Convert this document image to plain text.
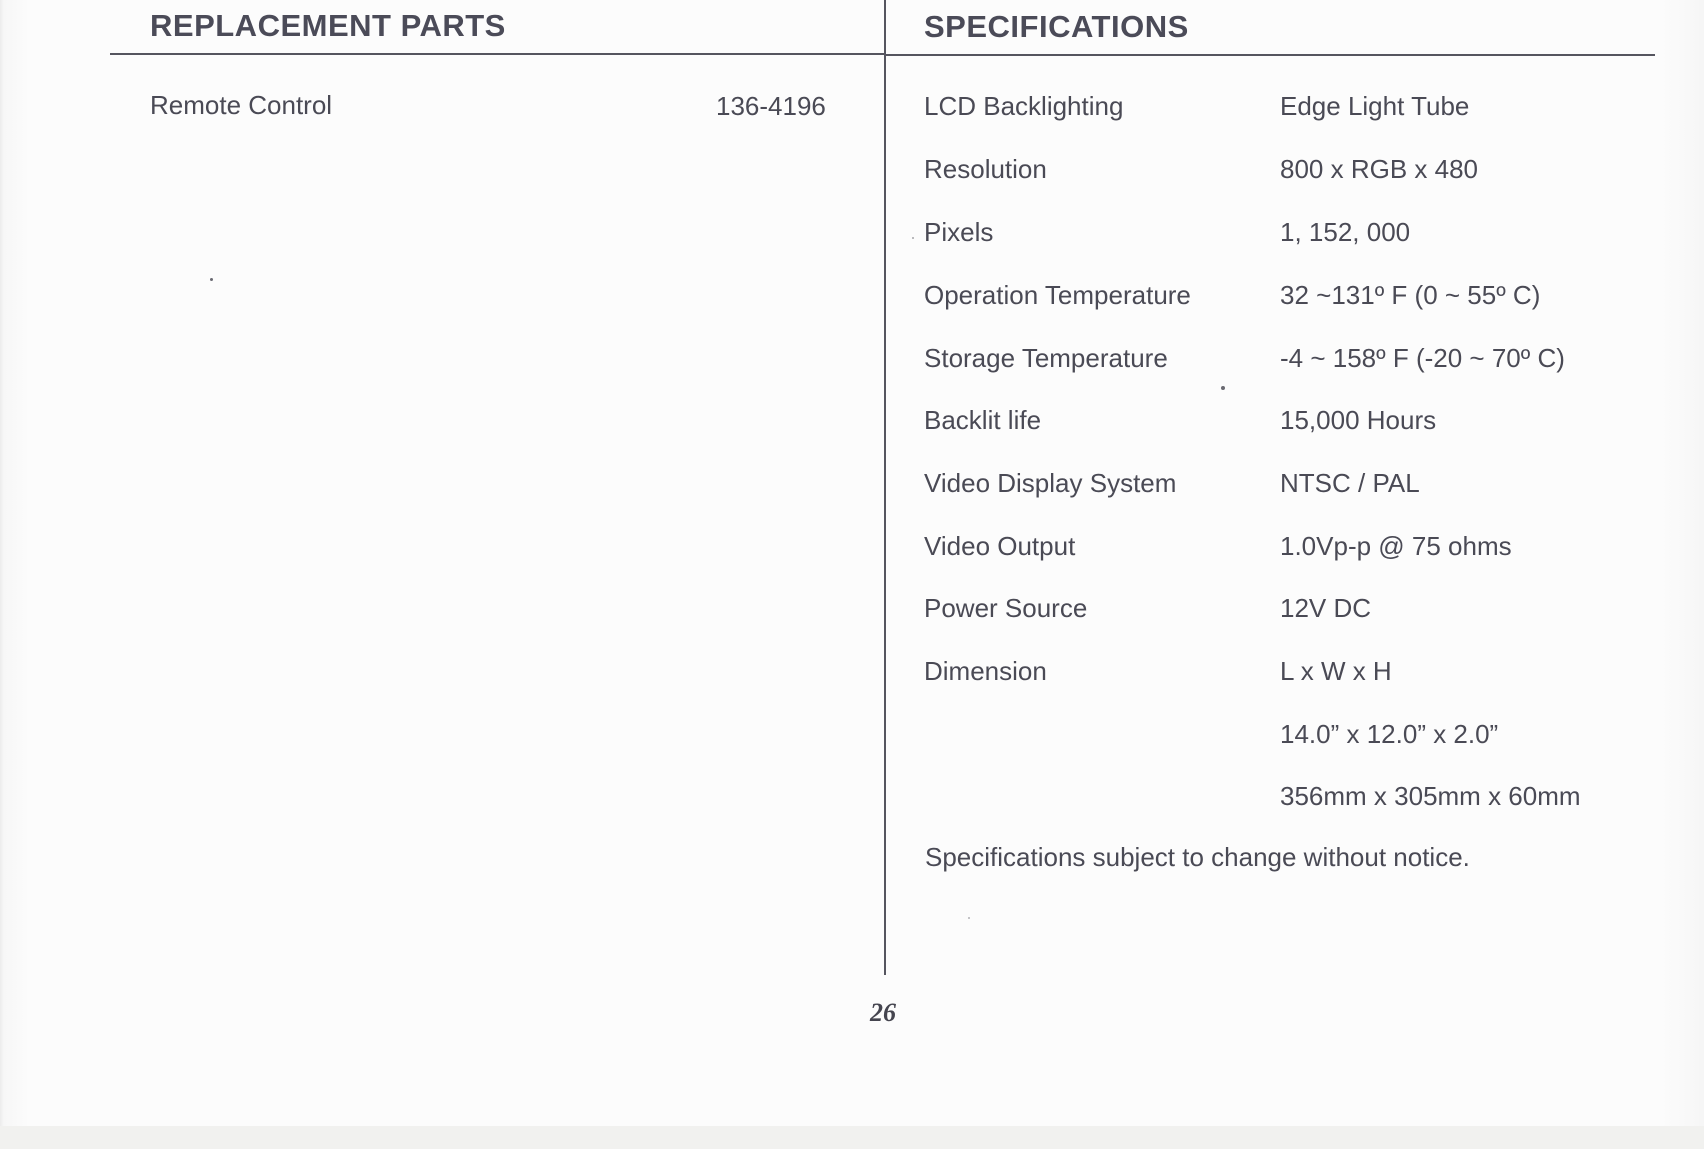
REPLACEMENT PARTS
Remote Control	136-4196
SPECIFICATIONS
LCD Backlighting	Edge Light Tube
Resolution	800 x RGB x 480
Pixels	1, 152, 000
Operation Temperature	32 ~131º F (0 ~ 55º C)
Storage Temperature	-4 ~ 158º F (-20 ~ 70º C)
Backlit life	15,000 Hours
Video Display System	NTSC / PAL
Video Output	1.0Vp-p @ 75 ohms
Power Source	12V DC
Dimension	L x W x H
14.0” x 12.0” x 2.0”
356mm x 305mm x 60mm
Specifications subject to change without notice.
26
